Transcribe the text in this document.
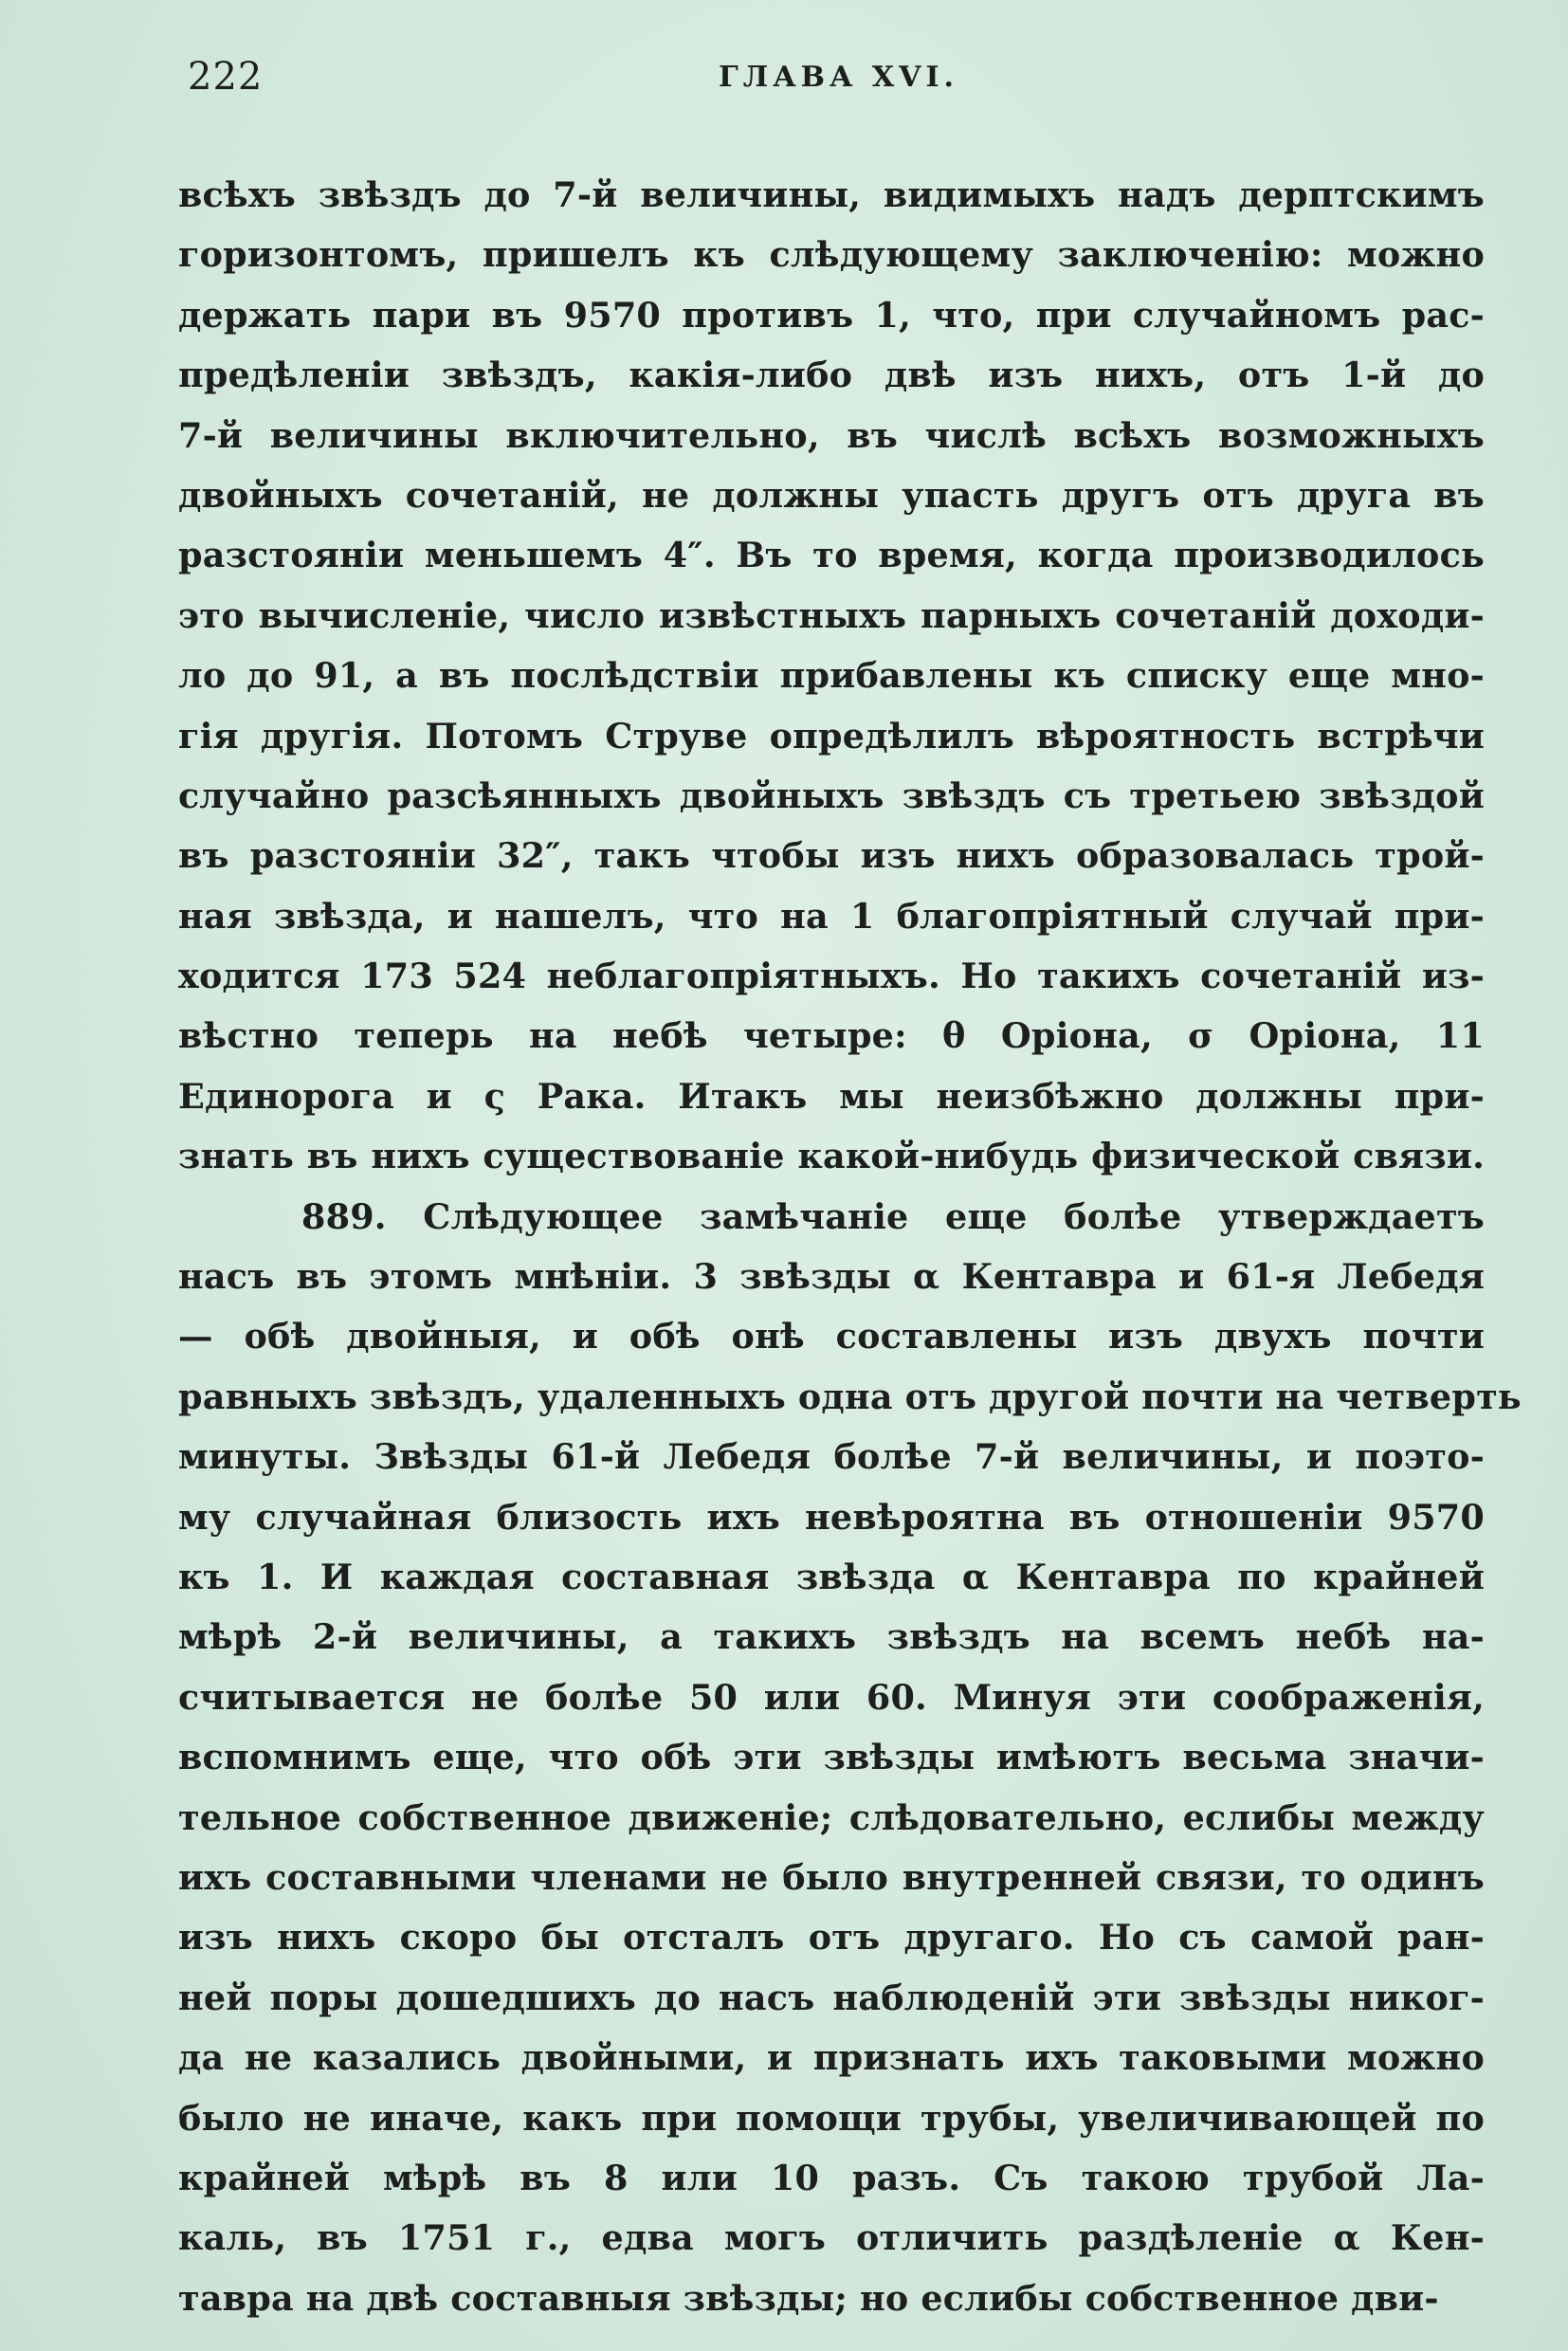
222	ГЛАВА XVI.
всѣхъ звѣздъ до 7-й величины, видимыхъ надъ дерптскимъ
горизонтомъ, пришелъ къ слѣдующему заключенію: можно
держать пари въ 9570 противъ 1, что, при случайномъ рас-
предѣленіи звѣздъ, какія-либо двѣ изъ нихъ, отъ 1-й до
7-й величины включительно, въ числѣ всѣхъ возможныхъ
двойныхъ сочетаній, не должны упасть другъ отъ друга въ
разстояніи меньшемъ 4″. Въ то время, когда производилось
это вычисленіе, число извѣстныхъ парныхъ сочетаній доходи-
ло до 91, а въ послѣдствіи прибавлены къ списку еще мно-
гія другія. Потомъ Струве опредѣлилъ вѣроятность встрѣчи
случайно разсѣянныхъ двойныхъ звѣздъ съ третьею звѣздой
въ разстояніи 32″, такъ чтобы изъ нихъ образовалась трой-
ная звѣзда, и нашелъ, что на 1 благопріятный случай при-
ходится 173 524 неблагопріятныхъ. Но такихъ сочетаній из-
вѣстно теперь на небѣ четыре: θ Оріона, σ Оріона, 11
Единорога и ς Рака. Итакъ мы неизбѣжно должны при-
знать въ нихъ существованіе какой-нибудь физической связи.
889. Слѣдующее замѣчаніе еще болѣе утверждаетъ
насъ въ этомъ мнѣніи. 3 звѣзды α Кентавра и 61-я Лебедя
— обѣ двойныя, и обѣ онѣ составлены изъ двухъ почти
равныхъ звѣздъ, удаленныхъ одна отъ другой почти на четверть
минуты. Звѣзды 61-й Лебедя болѣе 7-й величины, и поэто-
му случайная близость ихъ невѣроятна въ отношеніи 9570
къ 1. И каждая составная звѣзда α Кентавра по крайней
мѣрѣ 2-й величины, а такихъ звѣздъ на всемъ небѣ на-
считывается не болѣе 50 или 60. Минуя эти соображенія,
вспомнимъ еще, что обѣ эти звѣзды имѣютъ весьма значи-
тельное собственное движеніе; слѣдовательно, еслибы между
ихъ составными членами не было внутренней связи, то одинъ
изъ нихъ скоро бы отсталъ отъ другаго. Но съ самой ран-
ней поры дошедшихъ до насъ наблюденій эти звѣзды никог-
да не казались двойными, и признать ихъ таковыми можно
было не иначе, какъ при помощи трубы, увеличивающей по
крайней мѣрѣ въ 8 или 10 разъ. Съ такою трубой Ла-
каль, въ 1751 г., едва могъ отличить раздѣленіе α Кен-
тавра на двѣ составныя звѣзды; но еслибы собственное дви-
